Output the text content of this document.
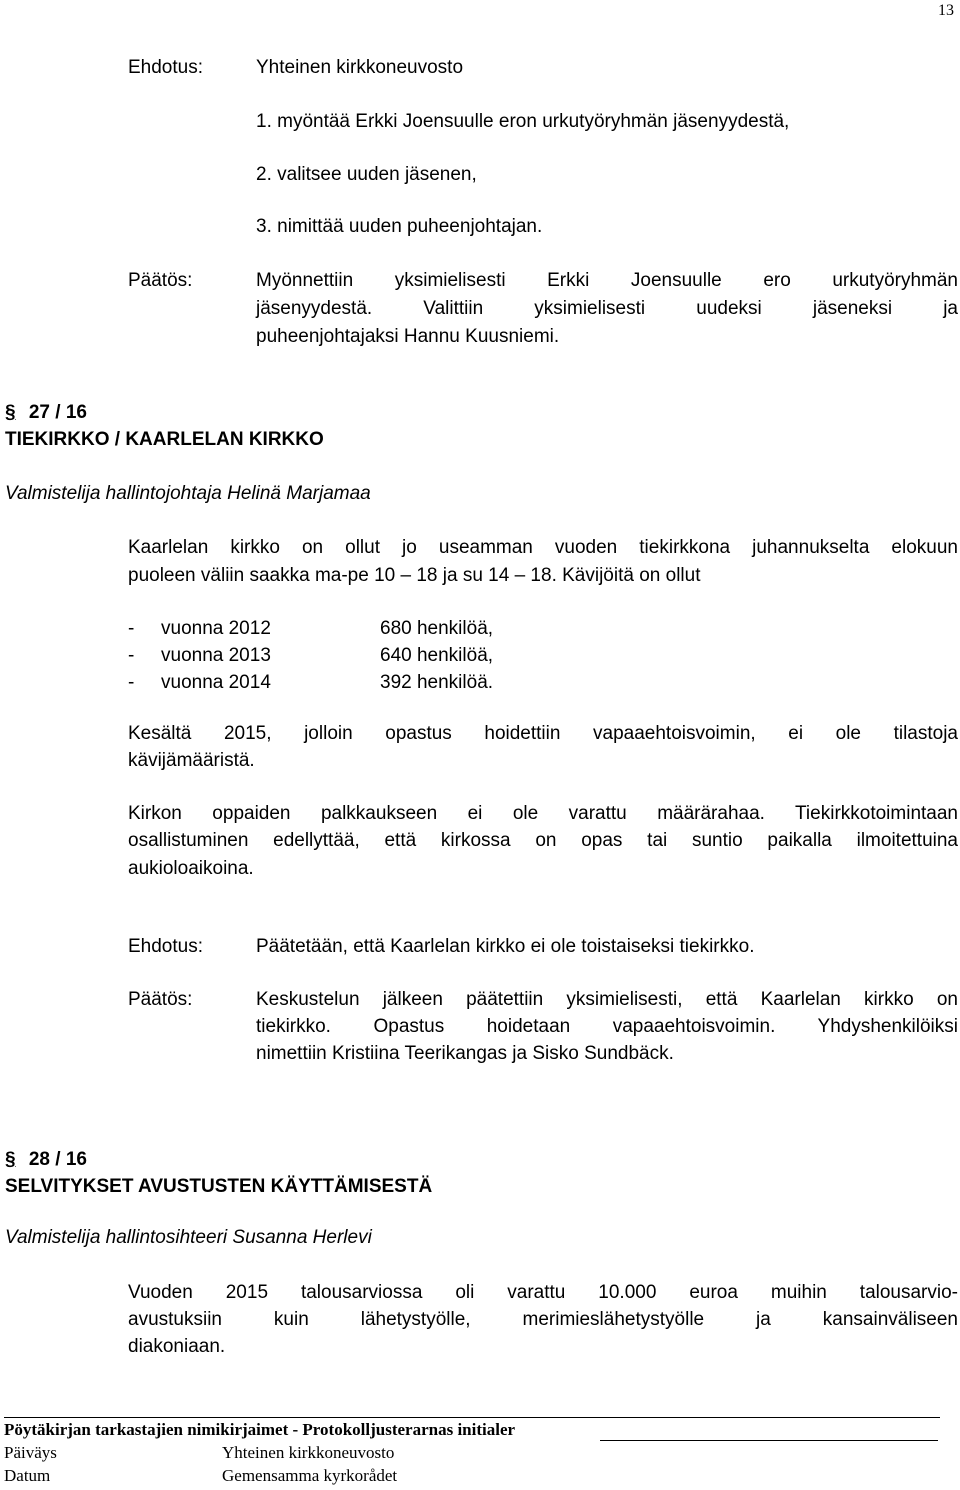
13
Ehdotus:	Yhteinen kirkkoneuvosto
1. myöntää Erkki Joensuulle eron urkutyöryhmän jäsenyydestä,
2. valitsee uuden jäsenen,
3. nimittää uuden puheenjohtajan.
Päätös:	Myönnettiin yksimielisesti Erkki Joensuulle ero urkutyöryhmän
jäsenyydestä. Valittiin yksimielisesti uudeksi jäseneksi ja
puheenjohtajaksi Hannu Kuusniemi.
§ 27 / 16
TIEKIRKKO / KAARLELAN KIRKKO
Valmistelija hallintojohtaja Helinä Marjamaa
Kaarlelan kirkko on ollut jo useamman vuoden tiekirkkona juhannukselta elokuun
puoleen väliin saakka ma-pe 10 – 18 ja su 14 – 18. Kävijöitä on ollut
- vuonna 2012	680 henkilöä,
- vuonna 2013	640 henkilöä,
- vuonna 2014	392 henkilöä.
Kesältä 2015, jolloin opastus hoidettiin vapaaehtoisvoimin, ei ole tilastoja
kävijämääristä.
Kirkon oppaiden palkkaukseen ei ole varattu määrärahaa. Tiekirkkotoimintaan
osallistuminen edellyttää, että kirkossa on opas tai suntio paikalla ilmoitettuina
aukioloaikoina.
Ehdotus:	Päätetään, että Kaarlelan kirkko ei ole toistaiseksi tiekirkko.
Päätös:	Keskustelun jälkeen päätettiin yksimielisesti, että Kaarlelan kirkko on
tiekirkko. Opastus hoidetaan vapaaehtoisvoimin. Yhdyshenkilöiksi
nimettiin Kristiina Teerikangas ja Sisko Sundbäck.
§ 28 / 16
SELVITYKSET AVUSTUSTEN KÄYTTÄMISESTÄ
Valmistelija hallintosihteeri Susanna Herlevi
Vuoden 2015 talousarviossa oli varattu 10.000 euroa muihin talousarvio-
avustuksiin kuin lähetystyölle, merimieslähetystyölle ja kansainväliseen
diakoniaan.
Pöytäkirjan tarkastajien nimikirjaimet - Protokolljusterarnas initialer
Päiväys	Yhteinen kirkkoneuvosto
Datum	Gemensamma kyrkorådet
